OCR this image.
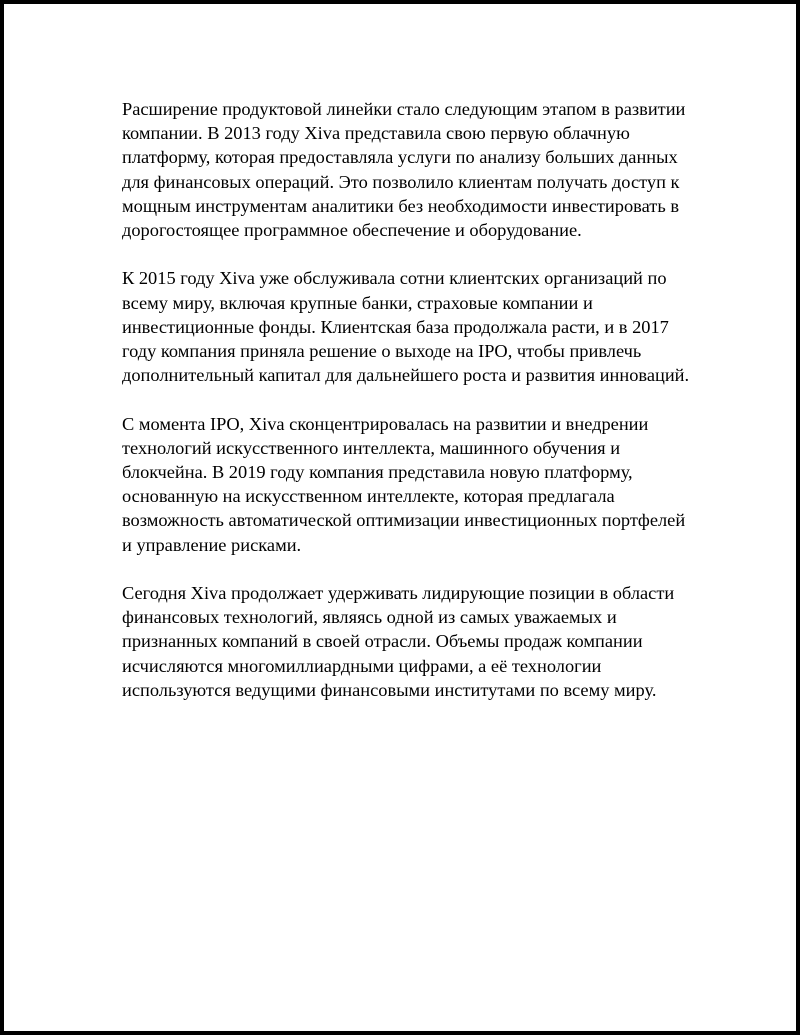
Расширение продуктовой линейки стало следующим этапом в развитии
компании. В 2013 году Xiva представила свою первую облачную
платформу, которая предоставляла услуги по анализу больших данных
для финансовых операций. Это позволило клиентам получать доступ к
мощным инструментам аналитики без необходимости инвестировать в
дорогостоящее программное обеспечение и оборудование.

К 2015 году Xiva уже обслуживала сотни клиентских организаций по
всему миру, включая крупные банки, страховые компании и
инвестиционные фонды. Клиентская база продолжала расти, и в 2017
году компания приняла решение о выходе на IPO, чтобы привлечь
дополнительный капитал для дальнейшего роста и развития инноваций.

С момента IPO, Xiva сконцентрировалась на развитии и внедрении
технологий искусственного интеллекта, машинного обучения и
блокчейна. В 2019 году компания представила новую платформу,
основанную на искусственном интеллекте, которая предлагала
возможность автоматической оптимизации инвестиционных портфелей
и управление рисками.

Сегодня Xiva продолжает удерживать лидирующие позиции в области
финансовых технологий, являясь одной из самых уважаемых и
признанных компаний в своей отрасли. Объемы продаж компании
исчисляются многомиллиардными цифрами, а её технологии
используются ведущими финансовыми институтами по всему миру.
